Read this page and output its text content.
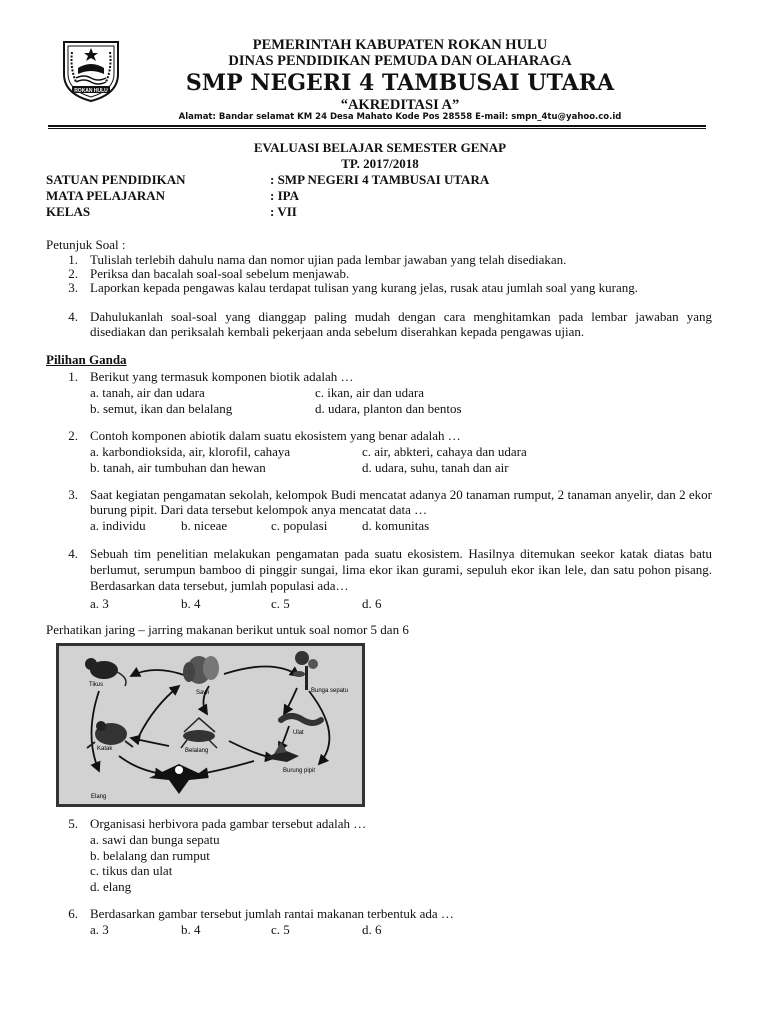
ROKAN HULU
PEMERINTAH KABUPATEN ROKAN HULU
DINAS PENDIDIKAN PEMUDA DAN OLAHARAGA
SMP NEGERI 4 TAMBUSAI UTARA
“AKREDITASI A”
Alamat: Bandar selamat KM 24 Desa Mahato Kode Pos 28558 E-mail: smpn_4tu@yahoo.co.id
EVALUASI BELAJAR SEMESTER GENAP
TP. 2017/2018
SATUAN PENDIDIKAN	: SMP NEGERI 4 TAMBUSAI UTARA
MATA PELAJARAN	: IPA
KELAS	: VII
Petunjuk Soal :
1. Tulislah terlebih dahulu nama dan nomor ujian pada lembar jawaban yang telah disediakan.
2. Periksa dan bacalah soal-soal sebelum menjawab.
3. Laporkan kepada pengawas kalau terdapat tulisan yang kurang jelas, rusak atau jumlah soal yang kurang.
4. Dahulukanlah soal-soal yang dianggap paling mudah dengan cara menghitamkan pada lembar jawaban yang disediakan dan periksalah kembali pekerjaan anda sebelum diserahkan kepada pengawas ujian.
Pilihan Ganda
1. Berikut yang termasuk komponen biotik adalah …
a. tanah, air dan udara	c. ikan, air dan udara
b. semut, ikan dan belalang	d. udara, planton dan bentos
2. Contoh komponen abiotik dalam suatu ekosistem yang benar adalah …
a. karbondioksida, air, klorofil, cahaya	c. air, abkteri, cahaya dan udara
b. tanah, air tumbuhan dan hewan	d. udara, suhu, tanah dan air
3. Saat kegiatan pengamatan sekolah, kelompok Budi mencatat adanya 20 tanaman rumput, 2 tanaman anyelir, dan 2 ekor burung pipit. Dari data tersebut kelompok anya mencatat data …
a. individu	b. niceae	c. populasi	d. komunitas
4. Sebuah tim penelitian melakukan pengamatan pada suatu ekosistem. Hasilnya ditemukan seekor katak diatas batu berlumut, serumpun bamboo di pinggir sungai, lima ekor ikan gurami, sepuluh ekor ikan lele, dan satu pohon pisang. Berdasarkan data tersebut, jumlah populasi ada…
a. 3	b. 4	c. 5	d. 6
Perhatikan jaring – jarring makanan berikut untuk soal nomor 5 dan 6
Tikus
Sawi	Bunga sepatu
Katak	Belalang
Ulat
Burung pipit
Elang
5. Organisasi herbivora pada gambar tersebut adalah …
a. sawi dan bunga sepatu
b. belalang dan rumput
c. tikus dan ulat
d. elang
6. Berdasarkan gambar tersebut jumlah rantai makanan terbentuk ada …
a. 3	b. 4	c. 5	d. 6
